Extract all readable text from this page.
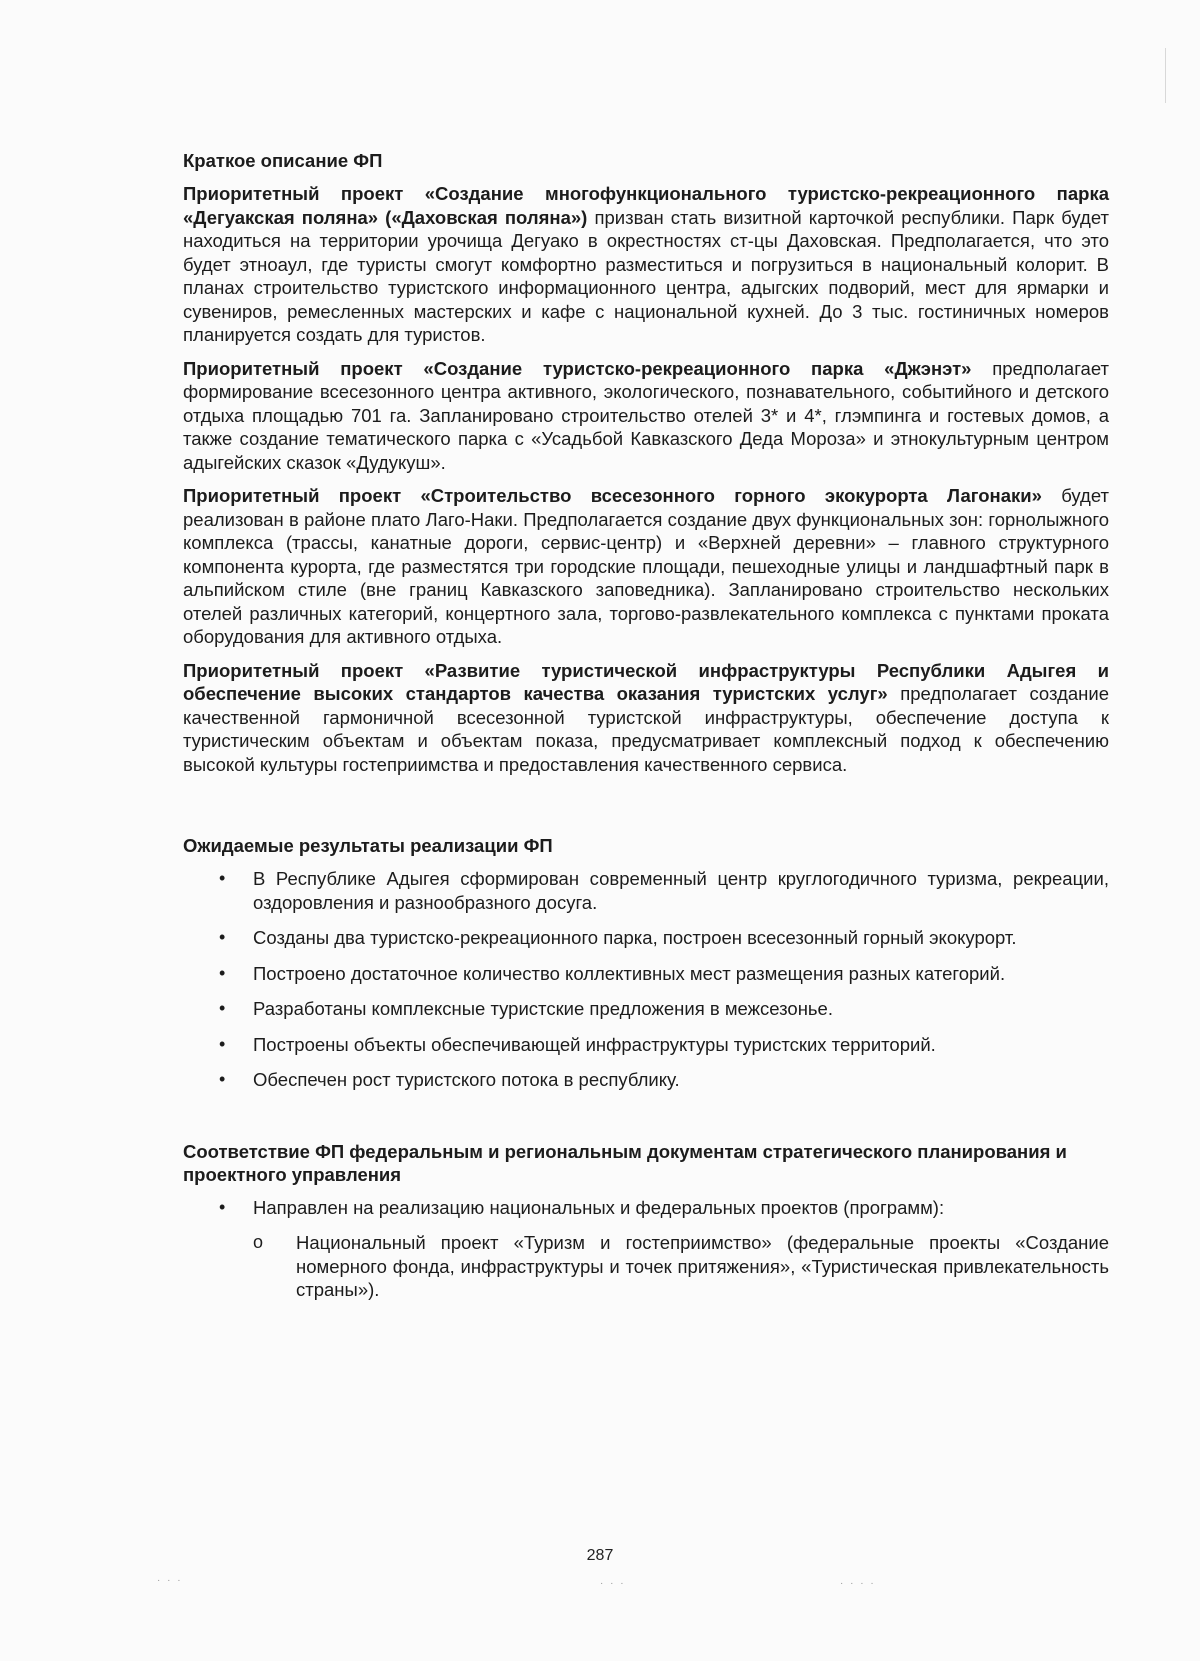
Краткое описание ФП

Приоритетный проект «Создание многофункционального туристско-рекреационного парка «Дегуакская поляна» («Даховская поляна») призван стать визитной карточкой республики. Парк будет находиться на территории урочища Дегуако в окрестностях ст-цы Даховская. Предполагается, что это будет этноаул, где туристы смогут комфортно разместиться и погрузиться в национальный колорит. В планах строительство туристского информационного центра, адыгских подворий, мест для ярмарки и сувениров, ремесленных мастерских и кафе с национальной кухней. До 3 тыс. гостиничных номеров планируется создать для туристов.

Приоритетный проект «Создание туристско-рекреационного парка «Джэнэт» предполагает формирование всесезонного центра активного, экологического, познавательного, событийного и детского отдыха площадью 701 га. Запланировано строительство отелей 3* и 4*, глэмпинга и гостевых домов, а также создание тематического парка с «Усадьбой Кавказского Деда Мороза» и этнокультурным центром адыгейских сказок «Дудукуш».

Приоритетный проект «Строительство всесезонного горного экокурорта Лагонаки» будет реализован в районе плато Лаго-Наки. Предполагается создание двух функциональных зон: горнолыжного комплекса (трассы, канатные дороги, сервис-центр) и «Верхней деревни» – главного структурного компонента курорта, где разместятся три городские площади, пешеходные улицы и ландшафтный парк в альпийском стиле (вне границ Кавказского заповедника). Запланировано строительство нескольких отелей различных категорий, концертного зала, торгово-развлекательного комплекса с пунктами проката оборудования для активного отдыха.

Приоритетный проект «Развитие туристической инфраструктуры Республики Адыгея и обеспечение высоких стандартов качества оказания туристских услуг» предполагает создание качественной гармоничной всесезонной туристской инфраструктуры, обеспечение доступа к туристическим объектам и объектам показа, предусматривает комплексный подход к обеспечению высокой культуры гостеприимства и предоставления качественного сервиса.

Ожидаемые результаты реализации ФП
• В Республике Адыгея сформирован современный центр круглогодичного туризма, рекреации, оздоровления и разнообразного досуга.
• Созданы два туристско-рекреационного парка, построен всесезонный горный экокурорт.
• Построено достаточное количество коллективных мест размещения разных категорий.
• Разработаны комплексные туристские предложения в межсезонье.
• Построены объекты обеспечивающей инфраструктуры туристских территорий.
• Обеспечен рост туристского потока в республику.
Соответствие ФП федеральным и региональным документам стратегического планирования и проектного управления
• Направлен на реализацию национальных и федеральных проектов (программ):
o Национальный проект «Туризм и гостеприимство» (федеральные проекты «Создание номерного фонда, инфраструктуры и точек притяжения», «Туристическая привлекательность страны»).
287
· · ·	· · ·	· · · ·
